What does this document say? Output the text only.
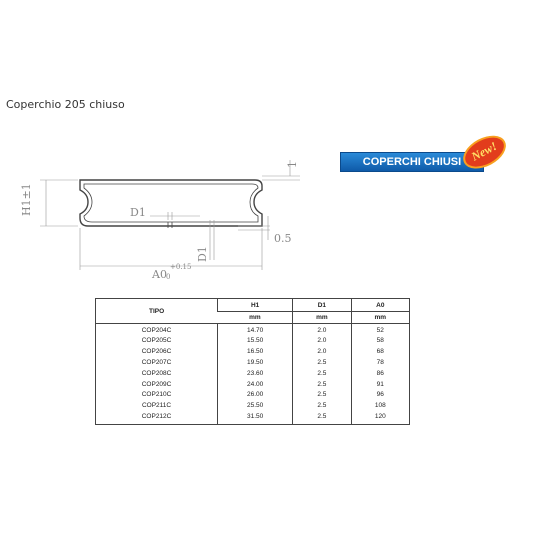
Coperchio 205 chiuso
H1±1	D1
D1
0.5
1
A0
+0.15
0
COPERCHI CHIUSI New!
TIPO	H1	D1	A0
	mm	mm	mm
COP204C	14.70	2.0	52
COP205C	15.50	2.0	58
COP206C	16.50	2.0	68
COP207C	19.50	2.5	78
COP208C	23.60	2.5	86
COP209C	24.00	2.5	91
COP210C	26.00	2.5	96
COP211C	25.50	2.5	108
COP212C	31.50	2.5	120
